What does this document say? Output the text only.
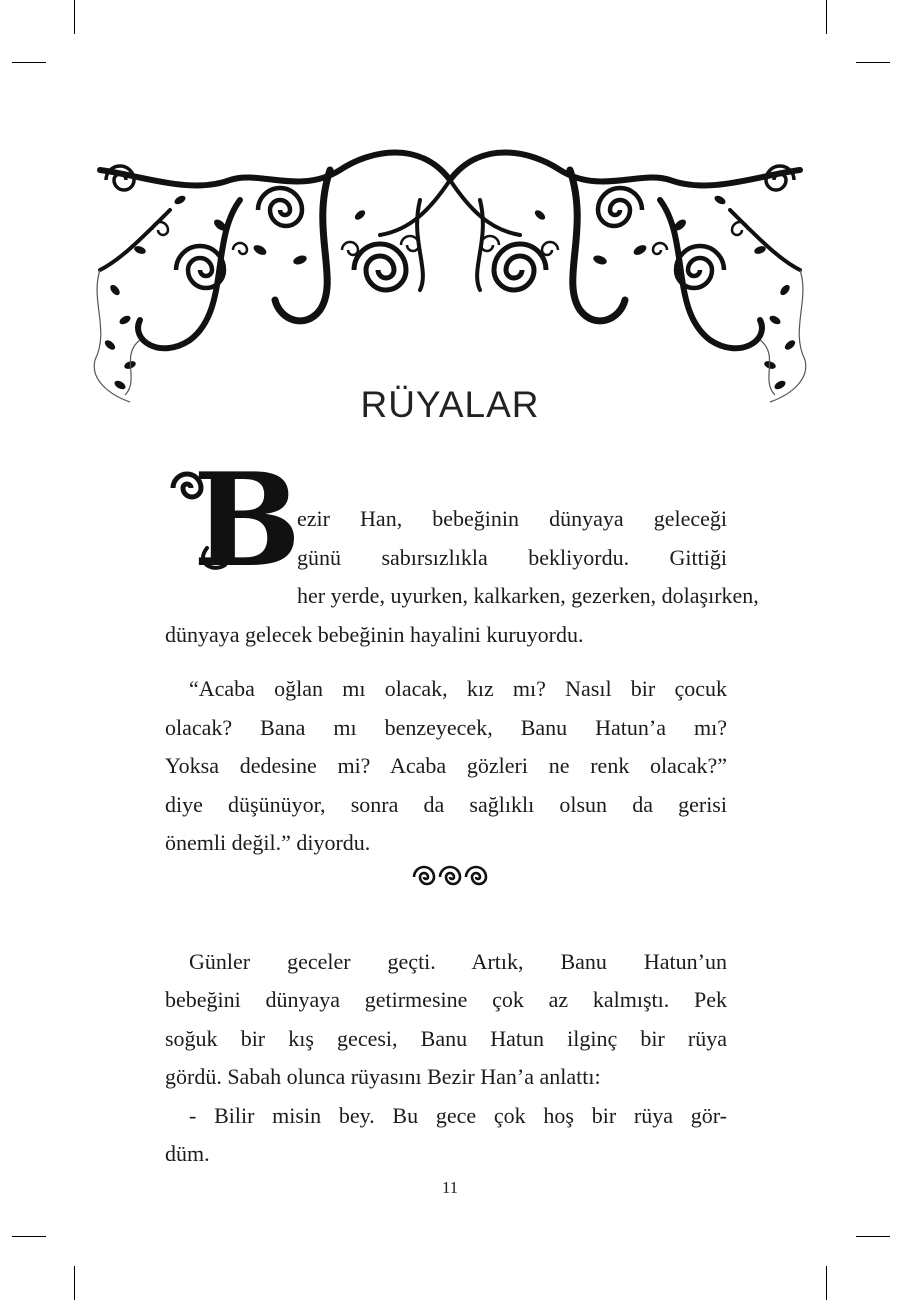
RÜYALAR
B
ezir Han, bebeğinin dünyaya geleceği
günü sabırsızlıkla bekliyordu. Gittiği
her yerde, uyurken, kalkarken, gezerken, dolaşırken,
dünyaya gelecek bebeğinin hayalini kuruyordu.
“Acaba oğlan mı olacak, kız mı? Nasıl bir çocuk
olacak? Bana mı benzeyecek, Banu Hatun’a mı?
Yoksa dedesine mi? Acaba gözleri ne renk olacak?”
diye düşünüyor, sonra da sağlıklı olsun da gerisi
önemli değil.” diyordu.
Günler geceler geçti. Artık, Banu Hatun’un
bebeğini dünyaya getirmesine çok az kalmıştı. Pek
soğuk bir kış gecesi, Banu Hatun ilginç bir rüya
gördü. Sabah olunca rüyasını Bezir Han’a anlattı:
- Bilir misin bey. Bu gece çok hoş bir rüya gör-
düm.
11
